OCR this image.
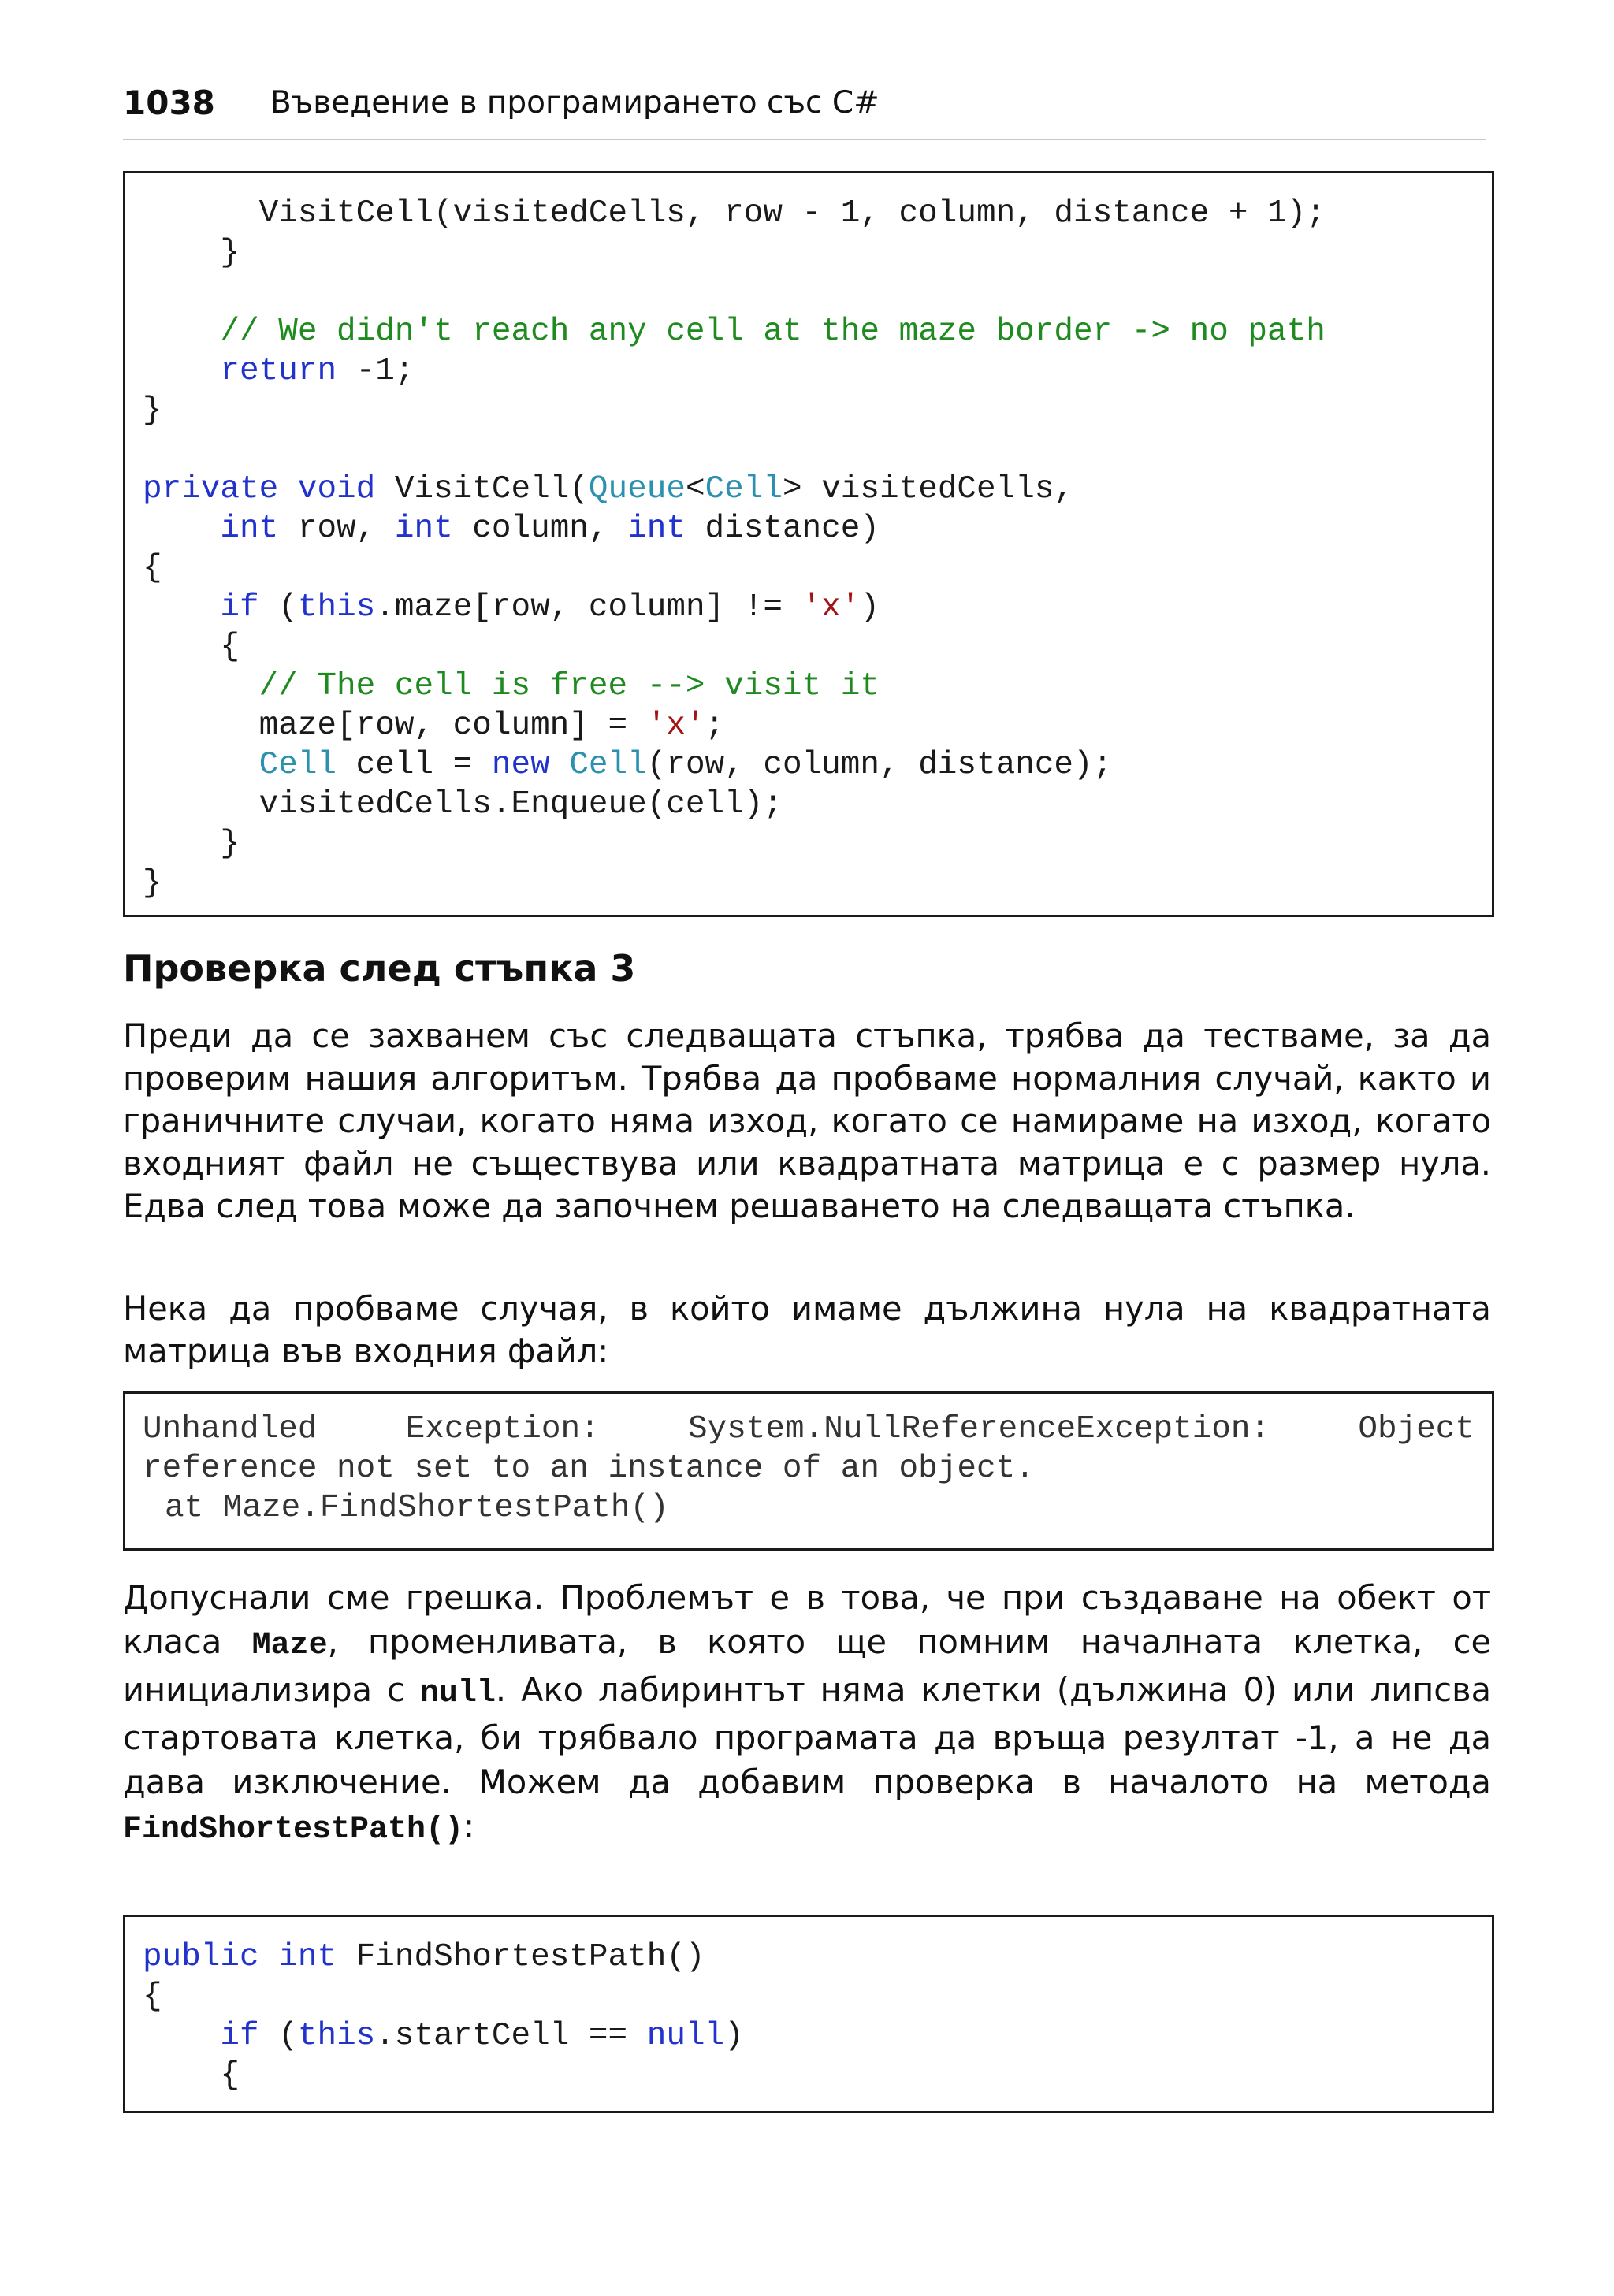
1038 Въведение в програмирането със C#
VisitCell(visitedCells, row - 1, column, distance + 1);
}

// We didn't reach any cell at the maze border -> no path
return -1;
}

private void VisitCell(Queue<Cell> visitedCells,
int row, int column, int distance)
{
if (this.maze[row, column] != 'x')
{
// The cell is free --> visit it
maze[row, column] = 'x';
Cell cell = new Cell(row, column, distance);
visitedCells.Enqueue(cell);
}
}
Проверка след стъпка 3

Преди да се захванем със следващата стъпка, трябва да тестваме, за да проверим нашия алгоритъм. Трябва да пробваме нормалния случай, както и граничните случаи, когато няма изход, когато се намираме на изход, когато входният файл не съществува или квадратната матрица е с размер нула. Едва след това може да започнем решаването на следващата стъпка.

Нека да пробваме случая, в който имаме дължина нула на квадратната матрица във входния файл:

Unhandled	Exception:	System.NullReferenceException:	Object
reference not set to an instance of an object.
at Maze.FindShortestPath()

Допуснали сме грешка. Проблемът е в това, че при създаване на обект от класа Maze, променливата, в която ще помним началната клетка, се инициализира с null. Ако лабиринтът няма клетки (дължина 0) или липсва стартовата клетка, би трябвало програмата да връща резултат -1, а не да дава изключение. Можем да добавим проверка в началото на метода FindShortestPath():

public int FindShortestPath()
{
if (this.startCell == null)
{
